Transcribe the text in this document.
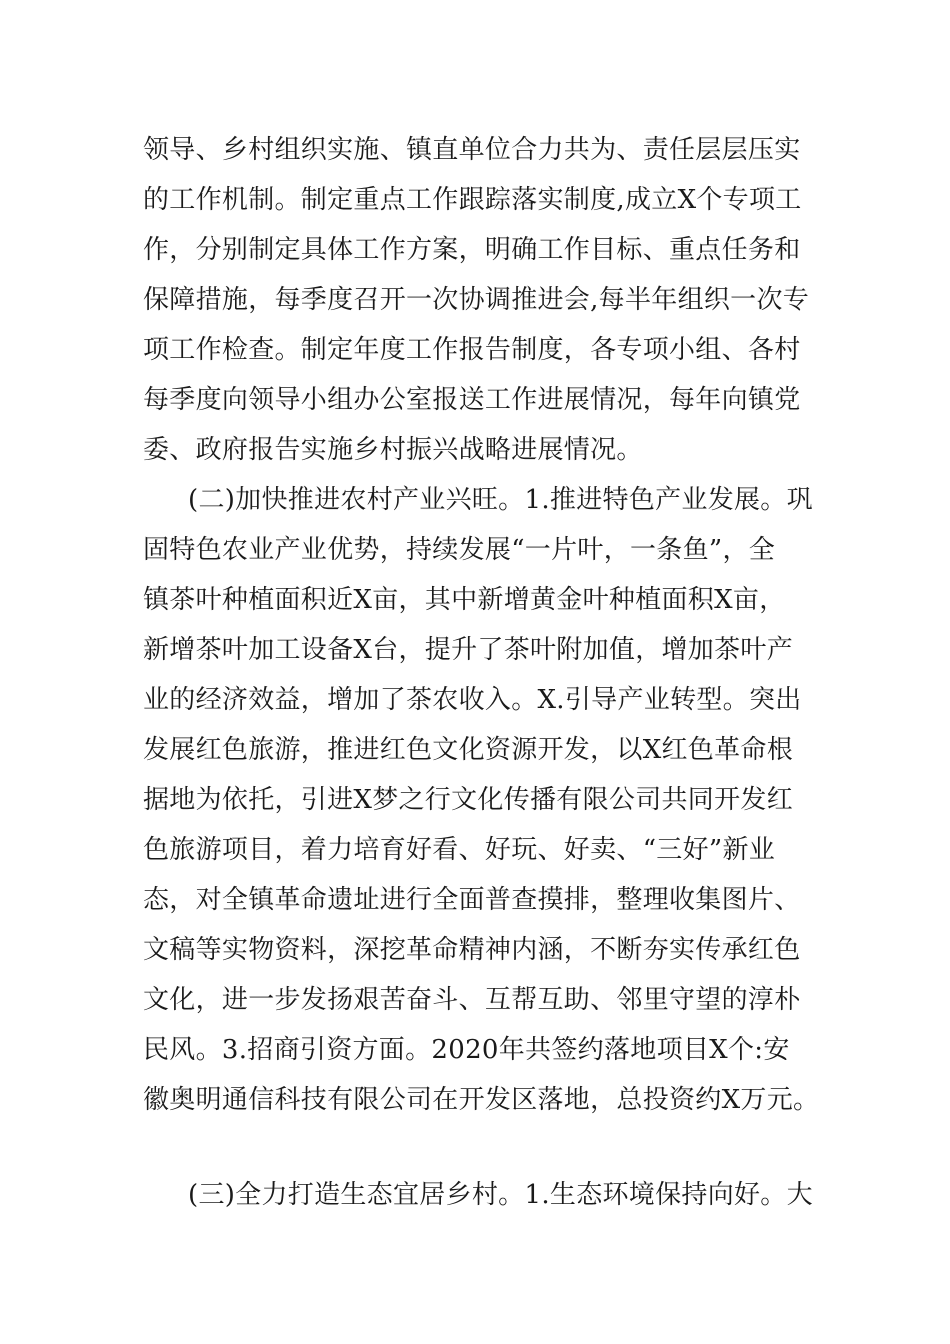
领导、乡村组织实施、镇直单位合力共为、责任层层压实
的工作机制。制定重点工作跟踪落实制度,成立X个专项工
作，分别制定具体工作方案，明确工作目标、重点任务和
保障措施，每季度召开一次协调推进会,每半年组织一次专
项工作检查。制定年度工作报告制度，各专项小组、各村
每季度向领导小组办公室报送工作进展情况，每年向镇党
委、政府报告实施乡村振兴战略进展情况。
(二)加快推进农村产业兴旺。1.推进特色产业发展。巩
固特色农业产业优势，持续发展“一片叶，一条鱼”，全
镇茶叶种植面积近X亩，其中新增黄金叶种植面积X亩，
新增茶叶加工设备X台，提升了茶叶附加值，增加茶叶产
业的经济效益，增加了茶农收入。X.引导产业转型。突出
发展红色旅游，推进红色文化资源开发，以X红色革命根
据地为依托，引进X梦之行文化传播有限公司共同开发红
色旅游项目，着力培育好看、好玩、好卖、“三好”新业
态，对全镇革命遗址进行全面普查摸排，整理收集图片、
文稿等实物资料，深挖革命精神内涵，不断夯实传承红色
文化，进一步发扬艰苦奋斗、互帮互助、邻里守望的淳朴
民风。3.招商引资方面。2020年共签约落地项目X个:安
徽奥明通信科技有限公司在开发区落地，总投资约X万元。
(三)全力打造生态宜居乡村。1.生态环境保持向好。大
